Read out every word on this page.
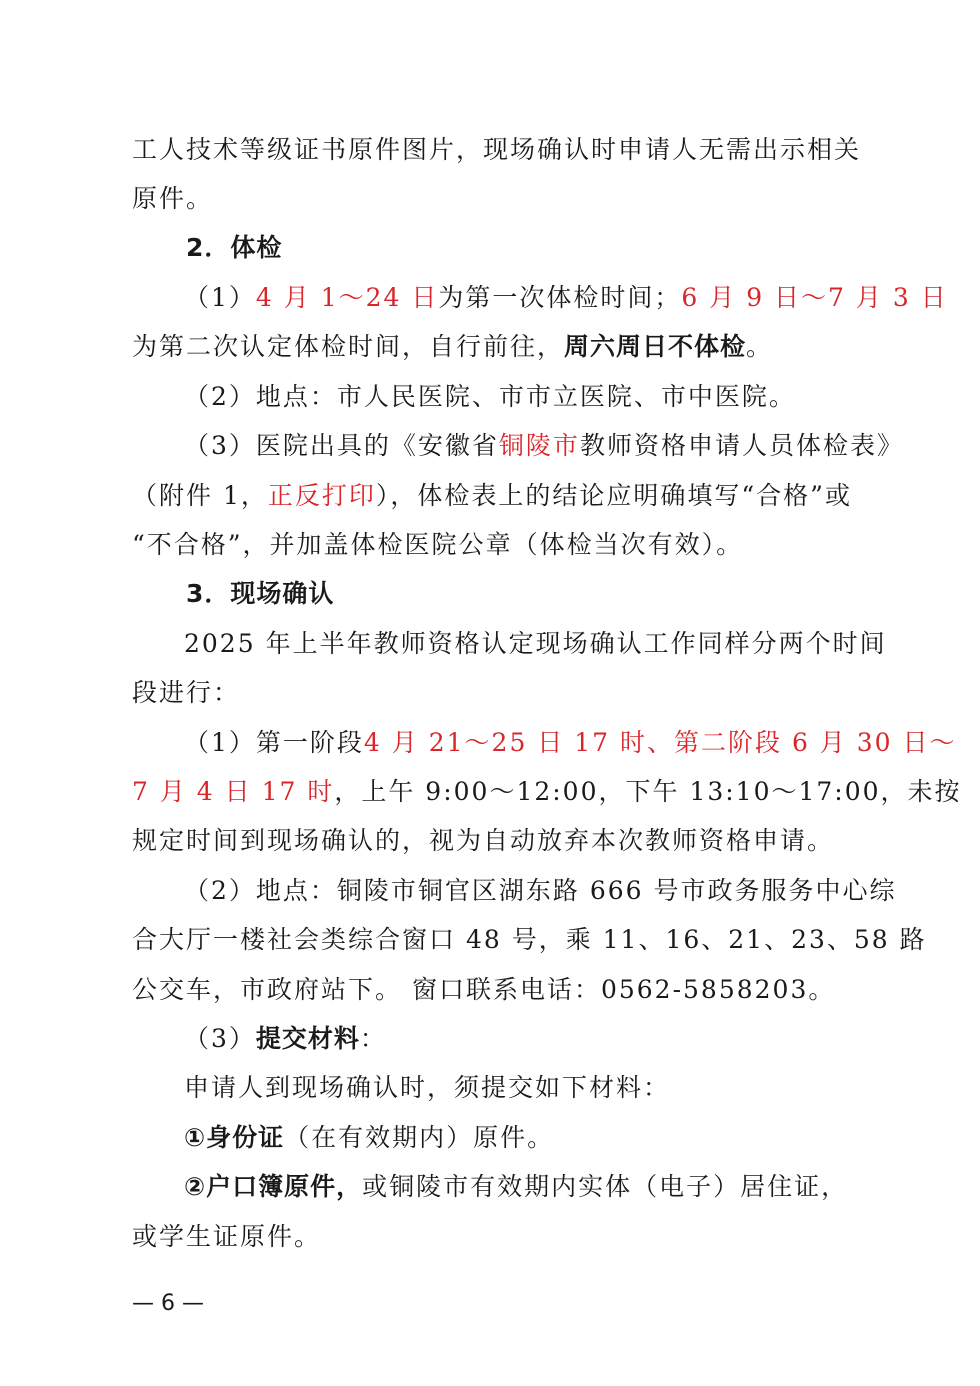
工人技术等级证书原件图片，现场确认时申请人无需出示相关
原件。
2．体检
（1）4 月 1～24 日为第一次体检时间；6 月 9 日～7 月 3 日
为第二次认定体检时间，自行前往，周六周日不体检。
（2）地点：市人民医院、市市立医院、市中医院。
（3）医院出具的《安徽省铜陵市教师资格申请人员体检表》
（附件 1，正反打印），体检表上的结论应明确填写“合格”或
“不合格”，并加盖体检医院公章（体检当次有效）。
3．现场确认
2025 年上半年教师资格认定现场确认工作同样分两个时间
段进行：
（1）第一阶段4 月 21～25 日 17 时、第二阶段 6 月 30 日～
7 月 4 日 17 时，上午 9:00～12:00，下午 13:10～17:00，未按
规定时间到现场确认的，视为自动放弃本次教师资格申请。
（2）地点：铜陵市铜官区湖东路 666 号市政务服务中心综
合大厅一楼社会类综合窗口 48 号，乘 11、16、21、23、58 路
公交车，市政府站下。 窗口联系电话：0562-5858203。
（3）提交材料：
申请人到现场确认时，须提交如下材料：
①身份证（在有效期内）原件。
②户口簿原件，或铜陵市有效期内实体（电子）居住证，
或学生证原件。
— 6 —
